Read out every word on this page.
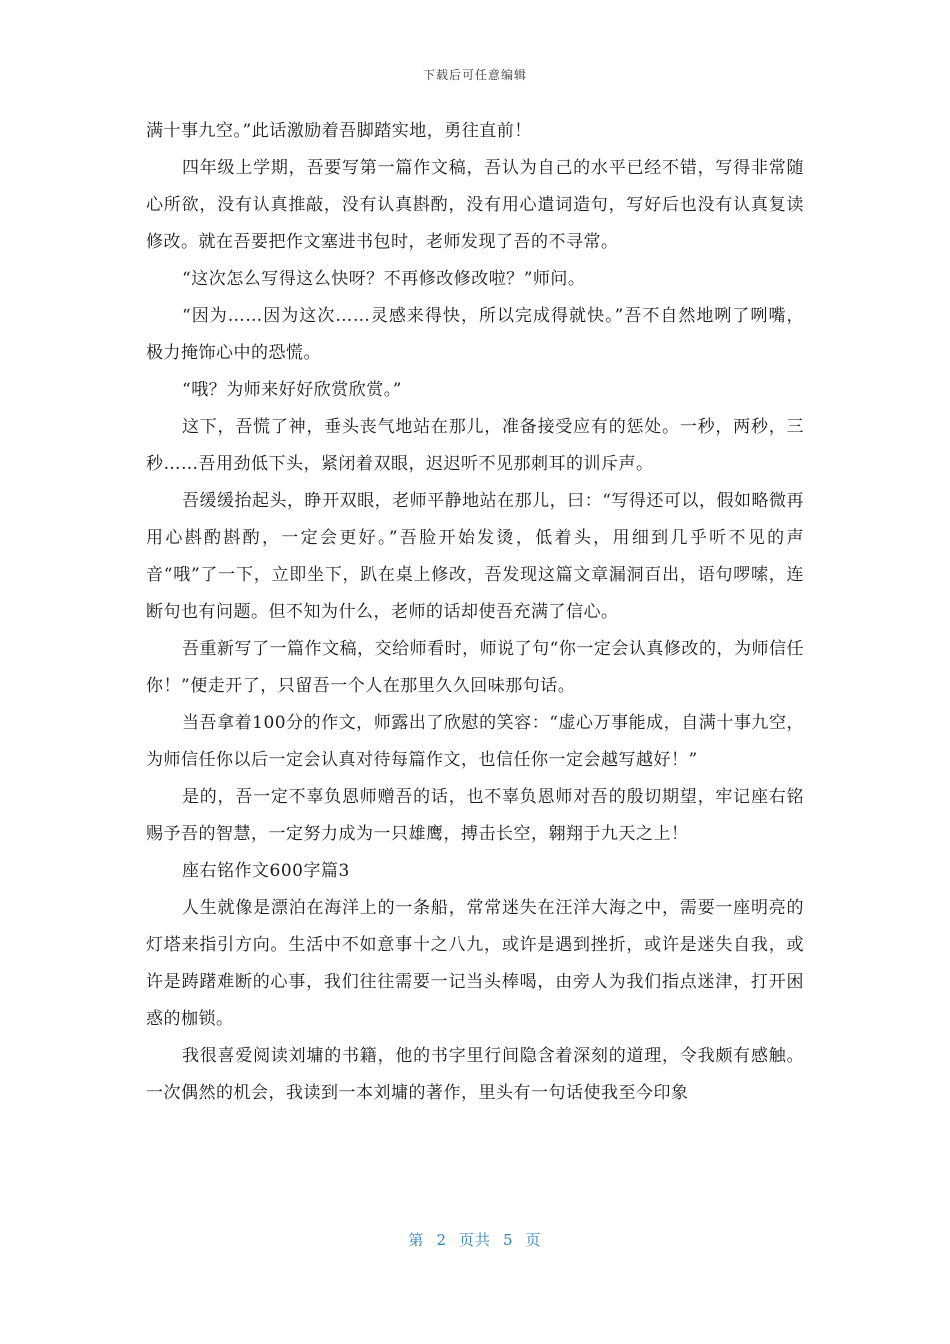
下载后可任意编辑

满十事九空。”此话激励着吾脚踏实地，勇往直前！

四年级上学期，吾要写第一篇作文稿，吾认为自己的水平已经不错，写得非常随心所欲，没有认真推敲，没有认真斟酌，没有用心遣词造句，写好后也没有认真复读修改。就在吾要把作文塞进书包时，老师发现了吾的不寻常。

“这次怎么写得这么快呀？不再修改修改啦？”师问。

“因为……因为这次……灵感来得快，所以完成得就快。”吾不自然地咧了咧嘴，极力掩饰心中的恐慌。

“哦？为师来好好欣赏欣赏。”

这下，吾慌了神，垂头丧气地站在那儿，准备接受应有的惩处。一秒，两秒，三秒……吾用劲低下头，紧闭着双眼，迟迟听不见那刺耳的训斥声。

吾缓缓抬起头，睁开双眼，老师平静地站在那儿，曰：“写得还可以，假如略微再用心斟酌斟酌，一定会更好。”吾脸开始发烫，低着头，用细到几乎听不见的声音“哦”了一下，立即坐下，趴在桌上修改，吾发现这篇文章漏洞百出，语句啰嗦，连断句也有问题。但不知为什么，老师的话却使吾充满了信心。

吾重新写了一篇作文稿，交给师看时，师说了句“你一定会认真修改的，为师信任你！”便走开了，只留吾一个人在那里久久回味那句话。

当吾拿着100分的作文，师露出了欣慰的笑容：“虚心万事能成，自满十事九空，为师信任你以后一定会认真对待每篇作文，也信任你一定会越写越好！”

是的，吾一定不辜负恩师赠吾的话，也不辜负恩师对吾的殷切期望，牢记座右铭赐予吾的智慧，一定努力成为一只雄鹰，搏击长空，翱翔于九天之上！

座右铭作文600字篇3

人生就像是漂泊在海洋上的一条船，常常迷失在汪洋大海之中，需要一座明亮的灯塔来指引方向。生活中不如意事十之八九，或许是遇到挫折，或许是迷失自我，或许是踌躇难断的心事，我们往往需要一记当头棒喝，由旁人为我们指点迷津，打开困惑的枷锁。

我很喜爱阅读刘墉的书籍，他的书字里行间隐含着深刻的道理，令我颇有感触。一次偶然的机会，我读到一本刘墉的著作，里头有一句话使我至今印象

第 2 页共 5 页
